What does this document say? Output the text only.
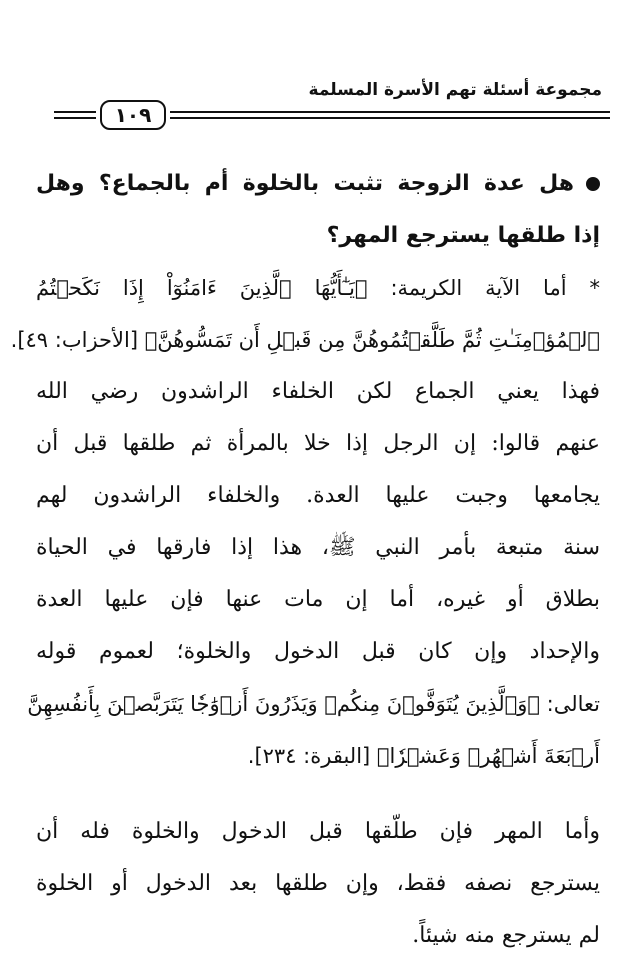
مجموعة أسئلة تهم الأسرة المسلمة
١٠٩
هل عدة الزوجة تثبت بالخلوة أم بالجماع؟ وهل
إذا طلقها يسترجع المهر؟
* أما الآية الكريمة: ﴿يَـٰٓأَيُّهَا ٱلَّذِينَ ءَامَنُوٓاْ إِذَا نَكَحۡتُمُ
ٱلۡمُؤۡمِنَـٰتِ ثُمَّ طَلَّقۡتُمُوهُنَّ مِن قَبۡلِ أَن تَمَسُّوهُنَّ﴾ [الأحزاب: ٤٩].
فهذا يعني الجماع لكن الخلفاء الراشدون رضي الله
عنهم قالوا: إن الرجل إذا خلا بالمرأة ثم طلقها قبل أن
يجامعها وجبت عليها العدة. والخلفاء الراشدون لهم
سنة متبعة بأمر النبي ﷺ، هذا إذا فارقها في الحياة
بطلاق أو غيره، أما إن مات عنها فإن عليها العدة
والإحداد وإن كان قبل الدخول والخلوة؛ لعموم قوله
تعالى: ﴿وَٱلَّذِينَ يُتَوَفَّوۡنَ مِنكُمۡ وَيَذَرُونَ أَزۡوَٰجٗا يَتَرَبَّصۡنَ بِأَنفُسِهِنَّ
أَرۡبَعَةَ أَشۡهُرٖ وَعَشۡرٗا﴾ [البقرة: ٢٣٤].
وأما المهر فإن طلّقها قبل الدخول والخلوة فله أن
يسترجع نصفه فقط، وإن طلقها بعد الدخول أو الخلوة
لم يسترجع منه شيئاً.
